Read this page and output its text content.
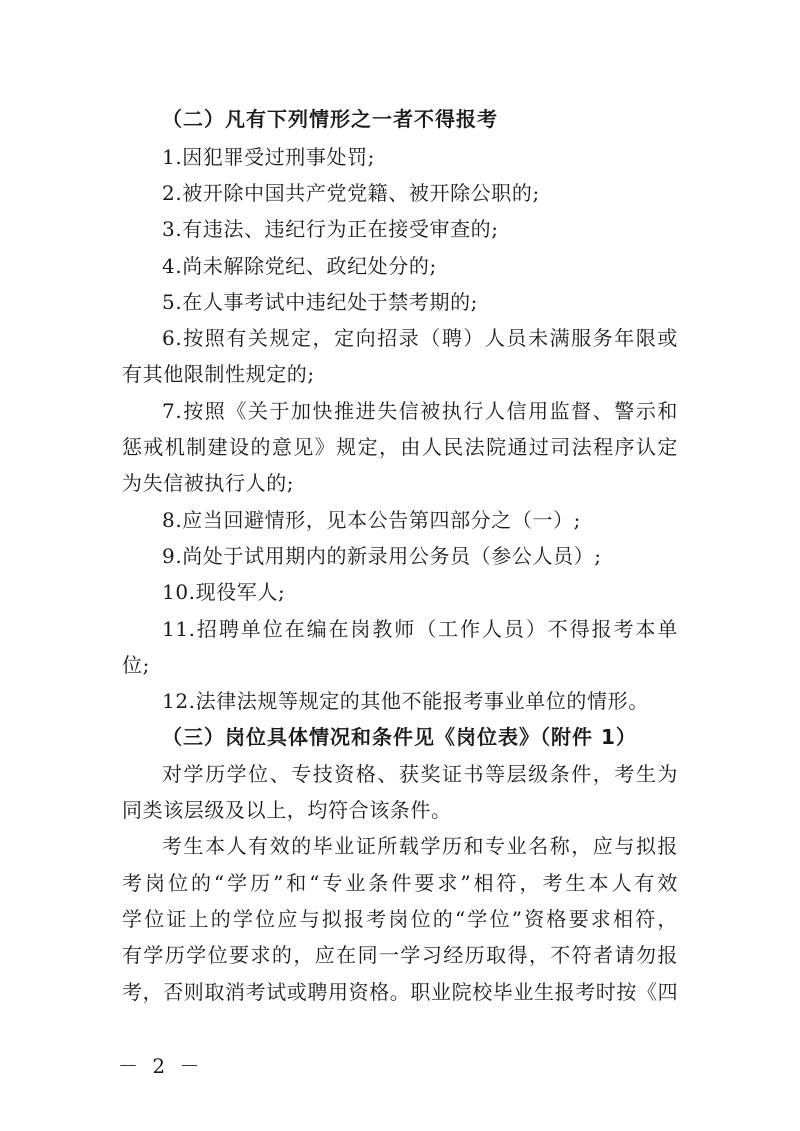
（二）凡有下列情形之一者不得报考
1.因犯罪受过刑事处罚;
2.被开除中国共产党党籍、被开除公职的;
3.有违法、违纪行为正在接受审查的;
4.尚未解除党纪、政纪处分的;
5.在人事考试中违纪处于禁考期的;
6.按照有关规定，定向招录（聘）人员未满服务年限或
有其他限制性规定的;
7.按照《关于加快推进失信被执行人信用监督、警示和
惩戒机制建设的意见》规定，由人民法院通过司法程序认定
为失信被执行人的;
8.应当回避情形，见本公告第四部分之（一）;
9.尚处于试用期内的新录用公务员（参公人员）;
10.现役军人;
11.招聘单位在编在岗教师（工作人员）不得报考本单
位;
12.法律法规等规定的其他不能报考事业单位的情形。
（三）岗位具体情况和条件见《岗位表》（附件 1）
对学历学位、专技资格、获奖证书等层级条件，考生为
同类该层级及以上，均符合该条件。
考生本人有效的毕业证所载学历和专业名称，应与拟报
考岗位的“学历”和“专业条件要求”相符，考生本人有效
学位证上的学位应与拟报考岗位的“学位”资格要求相符，
有学历学位要求的，应在同一学习经历取得，不符者请勿报
考，否则取消考试或聘用资格。职业院校毕业生报考时按《四
－ 2 －
